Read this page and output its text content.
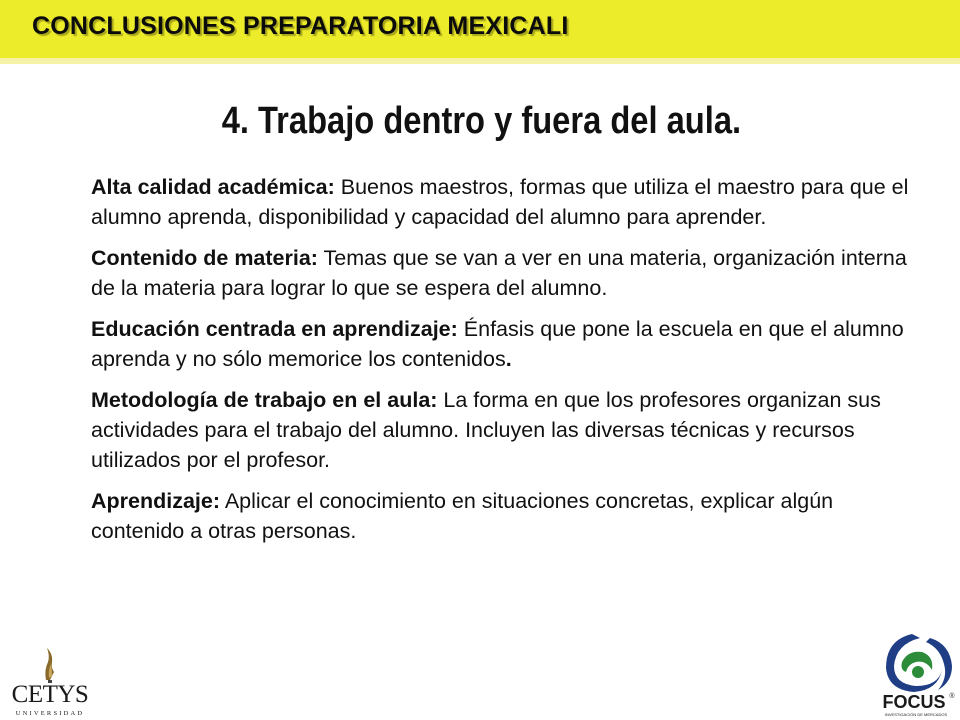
CONCLUSIONES PREPARATORIA MEXICALI
4. Trabajo dentro y fuera del aula.

Alta calidad académica: Buenos maestros, formas que utiliza el maestro para que el alumno aprenda, disponibilidad y capacidad del alumno para aprender.

Contenido de materia: Temas que se van a ver en una materia, organización interna de la materia para lograr lo que se espera del alumno.

Educación centrada en aprendizaje: Énfasis que pone la escuela en que el alumno aprenda y no sólo memorice los contenidos.

Metodología de trabajo en el aula: La forma en que los profesores organizan sus actividades para el trabajo del alumno. Incluyen las diversas técnicas y recursos utilizados por el profesor.

Aprendizaje: Aplicar el conocimiento en situaciones concretas, explicar algún contenido a otras personas.

CETYS
UNIVERSIDAD
FOCUS ®
INVESTIGACIÓN DE MERCADOS
